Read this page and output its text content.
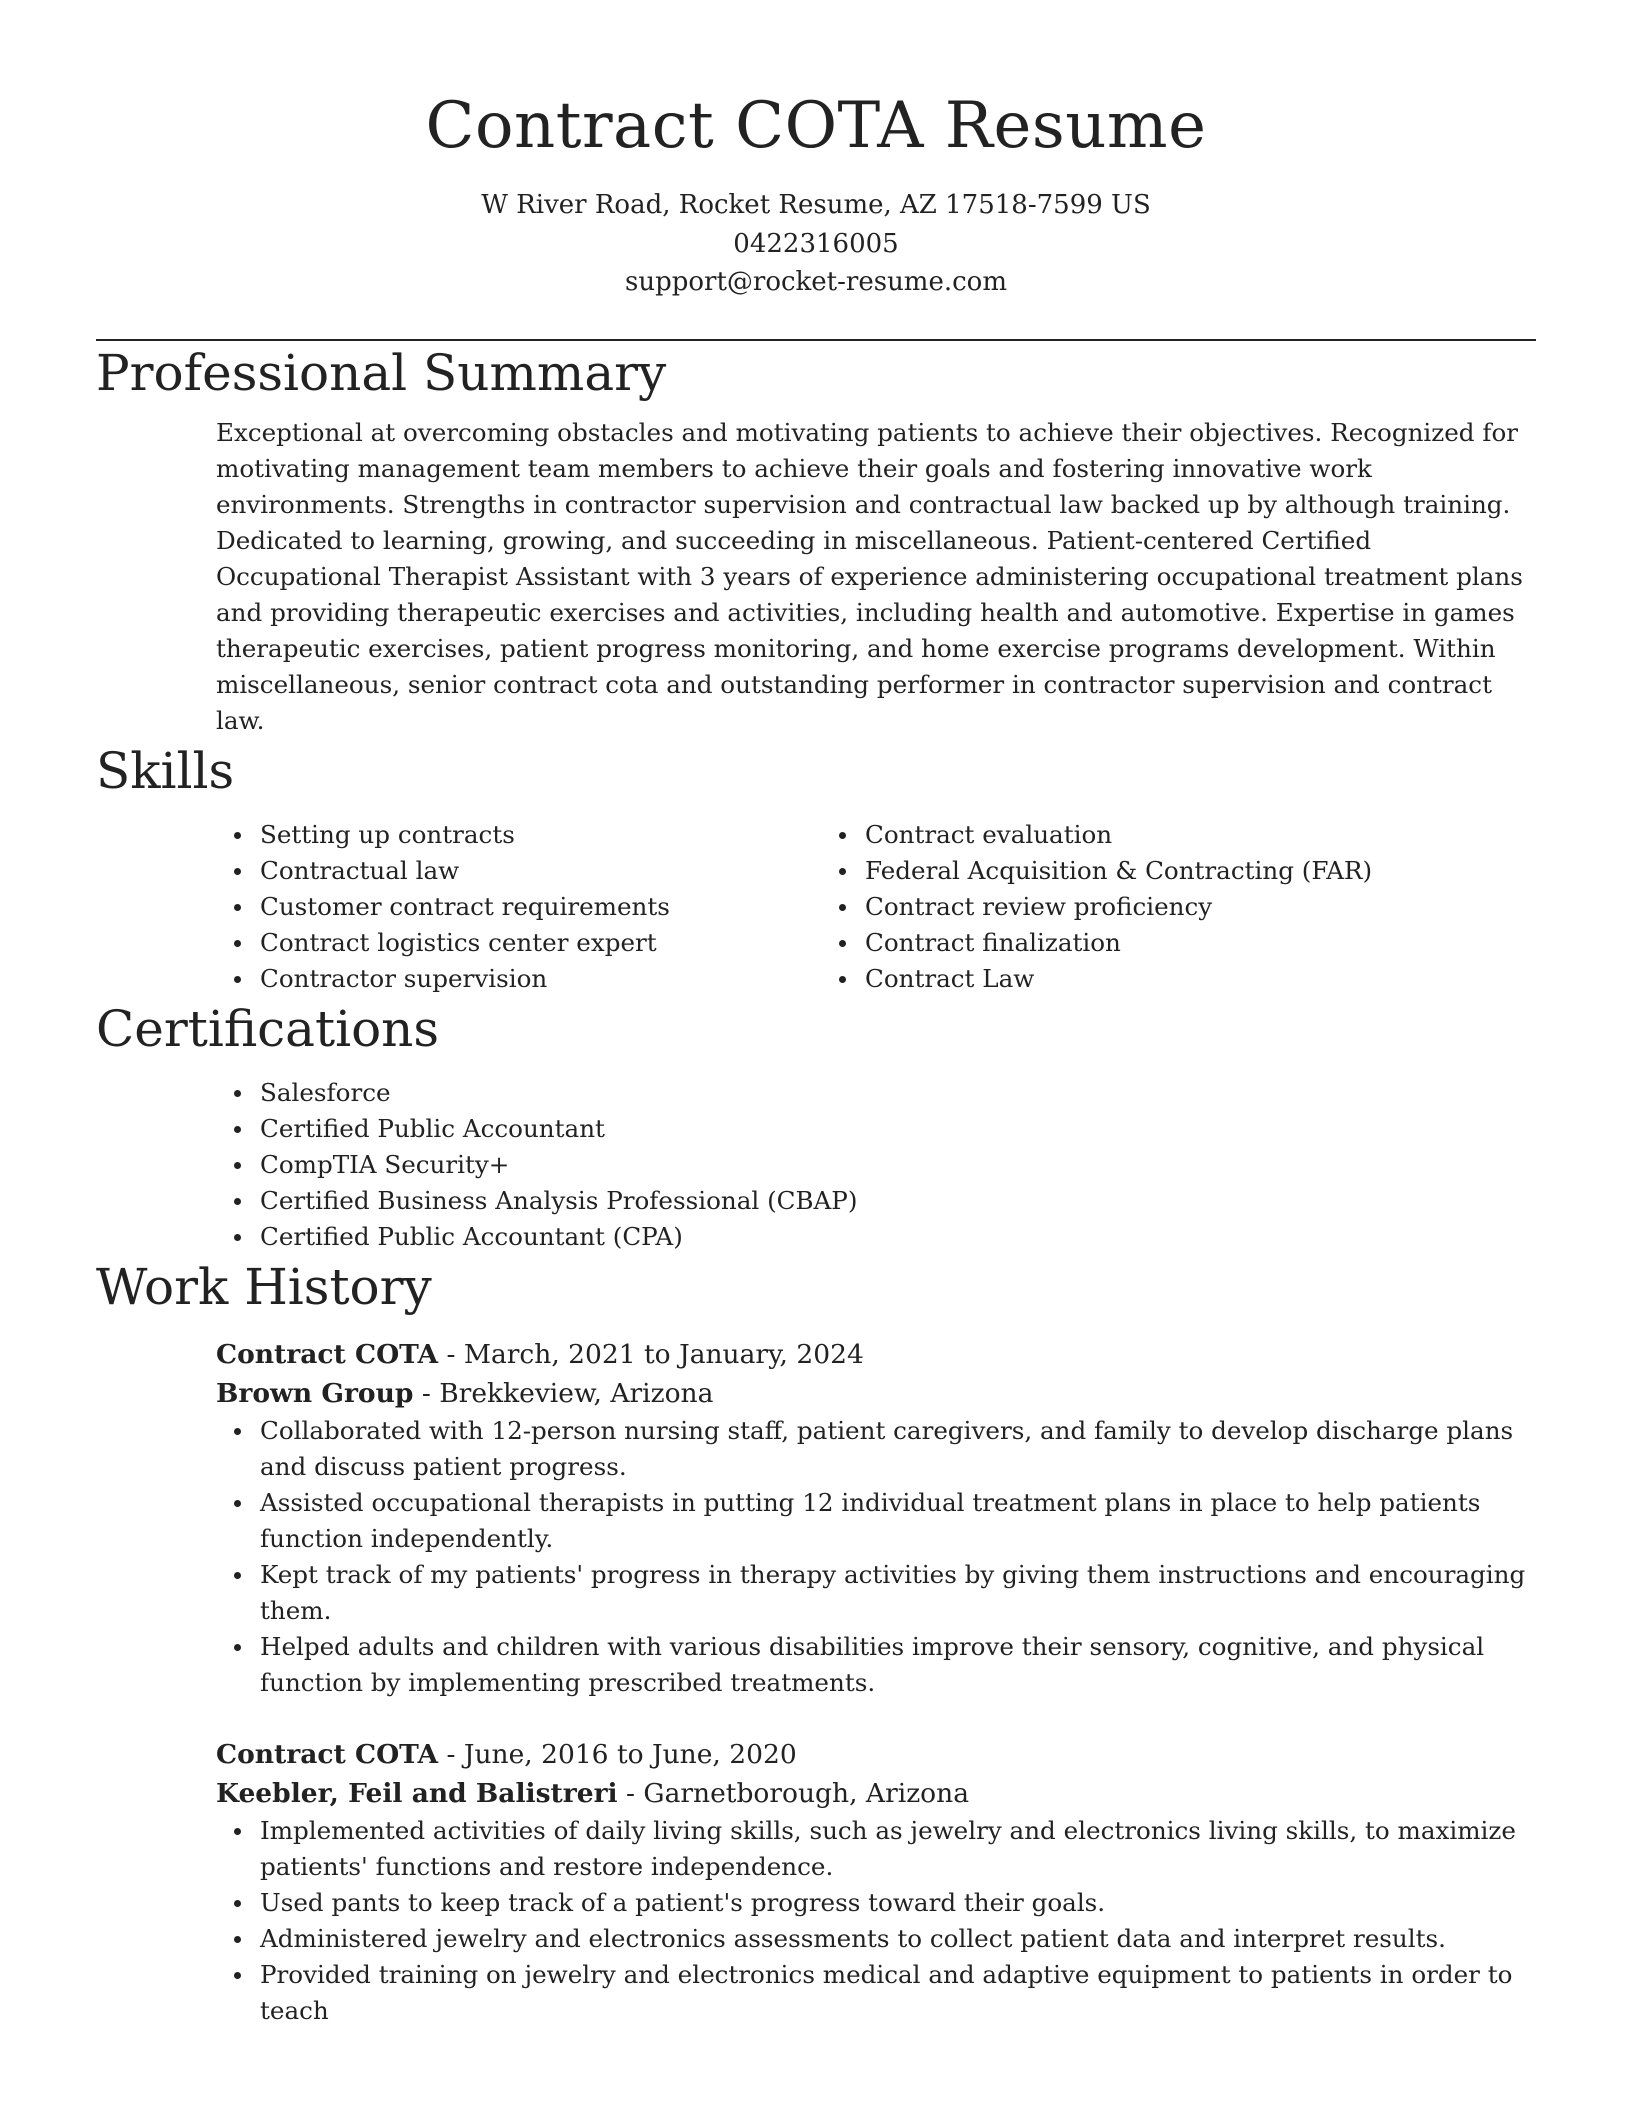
Contract COTA Resume
W River Road, Rocket Resume, AZ 17518-7599 US
0422316005
support@rocket-resume.com
Professional Summary
Exceptional at overcoming obstacles and motivating patients to achieve their objectives. Recognized for motivating management team members to achieve their goals and fostering innovative work environments. Strengths in contractor supervision and contractual law backed up by although training. Dedicated to learning, growing, and succeeding in miscellaneous. Patient-centered Certified Occupational Therapist Assistant with 3 years of experience administering occupational treatment plans and providing therapeutic exercises and activities, including health and automotive. Expertise in games therapeutic exercises, patient progress monitoring, and home exercise programs development. Within miscellaneous, senior contract cota and outstanding performer in contractor supervision and contract law.
Skills
Setting up contracts
Contractual law
Customer contract requirements
Contract logistics center expert
Contractor supervision
Contract evaluation
Federal Acquisition & Contracting (FAR)
Contract review proficiency
Contract finalization
Contract Law
Certifications
Salesforce
Certified Public Accountant
CompTIA Security+
Certified Business Analysis Professional (CBAP)
Certified Public Accountant (CPA)
Work History
Contract COTA - March, 2021 to January, 2024
Brown Group - Brekkeview, Arizona
Collaborated with 12-person nursing staff, patient caregivers, and family to develop discharge plans and discuss patient progress.
Assisted occupational therapists in putting 12 individual treatment plans in place to help patients function independently.
Kept track of my patients' progress in therapy activities by giving them instructions and encouraging them.
Helped adults and children with various disabilities improve their sensory, cognitive, and physical function by implementing prescribed treatments.
Contract COTA - June, 2016 to June, 2020
Keebler, Feil and Balistreri - Garnetborough, Arizona
Implemented activities of daily living skills, such as jewelry and electronics living skills, to maximize patients' functions and restore independence.
Used pants to keep track of a patient's progress toward their goals.
Administered jewelry and electronics assessments to collect patient data and interpret results.
Provided training on jewelry and electronics medical and adaptive equipment to patients in order to teach
